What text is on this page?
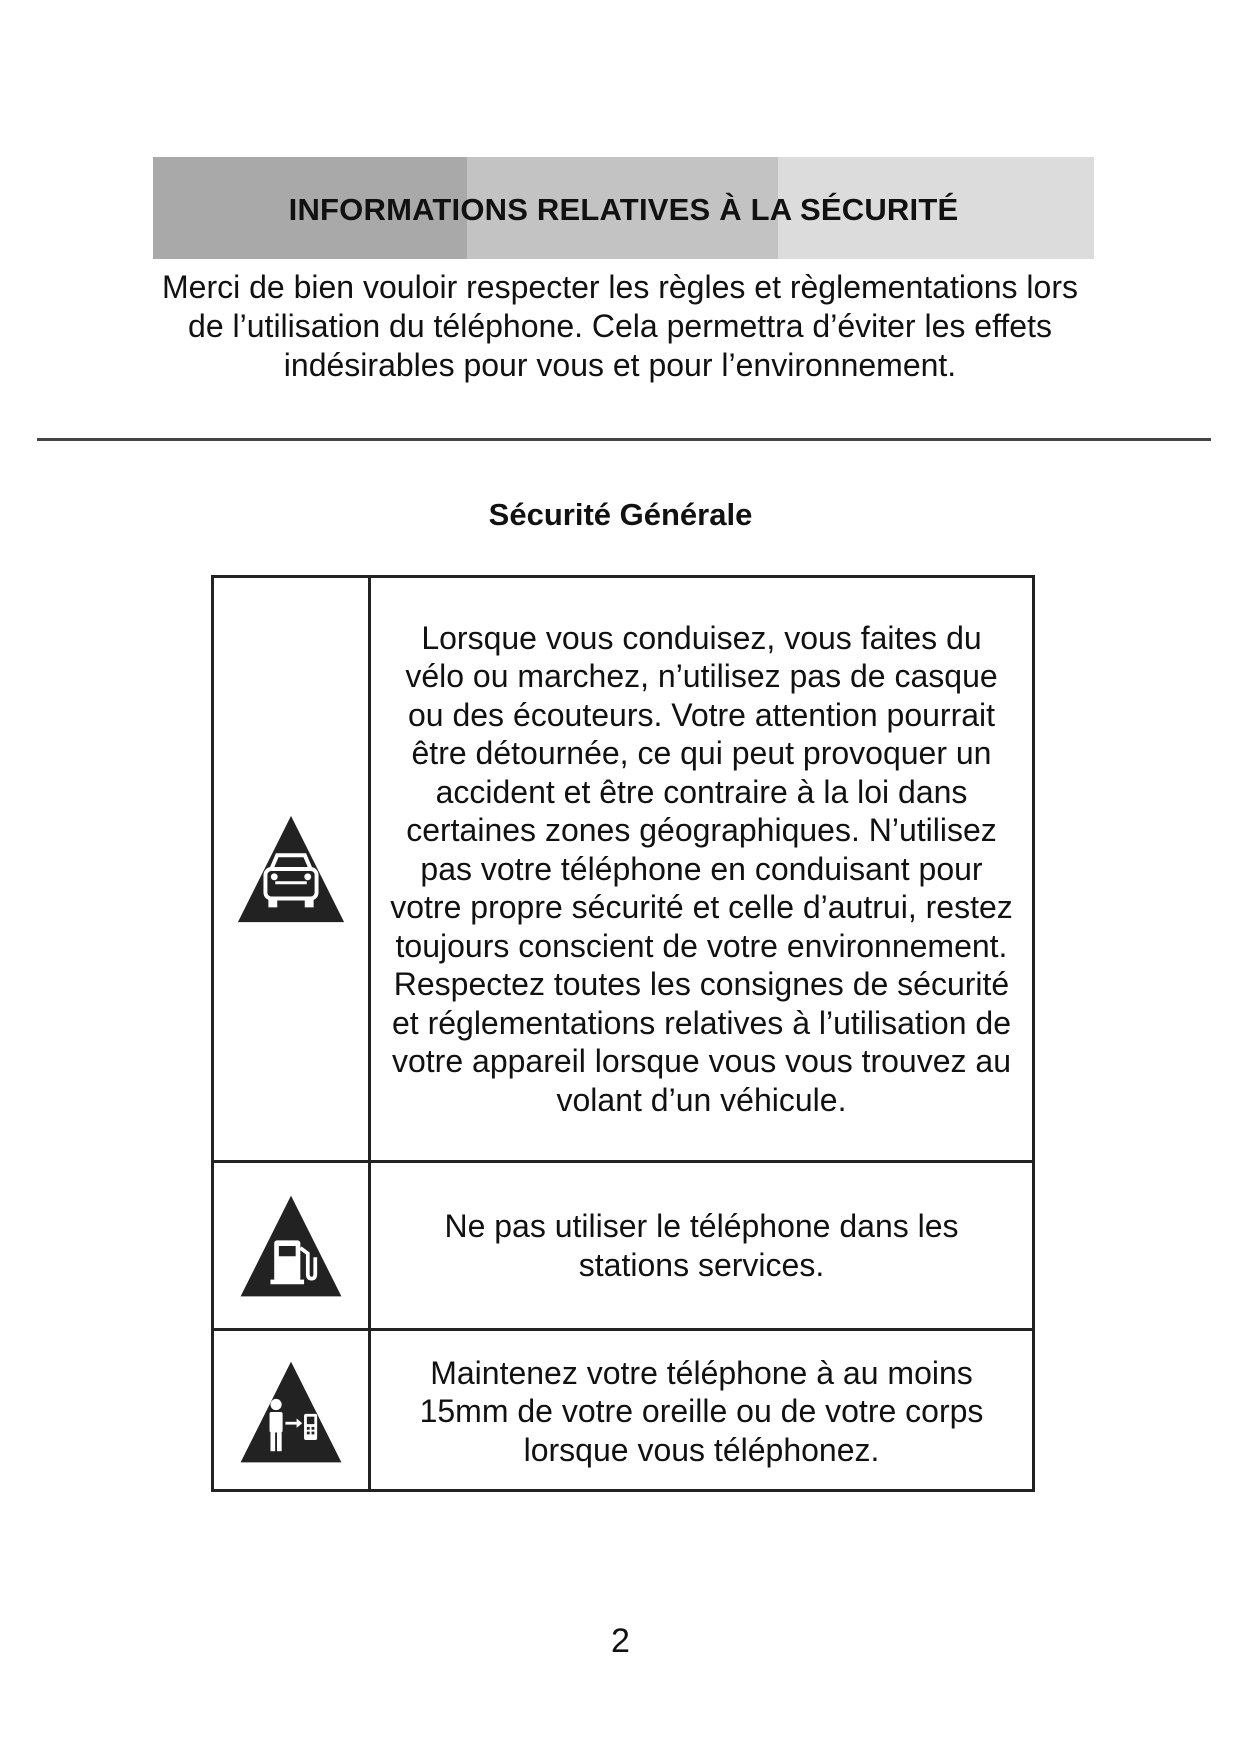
INFORMATIONS RELATIVES À LA SÉCURITÉ
Merci de bien vouloir respecter les règles et règlementations lors
de l’utilisation du téléphone. Cela permettra d’éviter les effets
indésirables pour vous et pour l’environnement.
Sécurité Générale
Lorsque vous conduisez, vous faites du
vélo ou marchez, n’utilisez pas de casque
ou des écouteurs. Votre attention pourrait
être détournée, ce qui peut provoquer un
accident et être contraire à la loi dans
certaines zones géographiques. N’utilisez
pas votre téléphone en conduisant pour
votre propre sécurité et celle d’autrui, restez
toujours conscient de votre environnement.
Respectez toutes les consignes de sécurité
et réglementations relatives à l’utilisation de
votre appareil lorsque vous vous trouvez au
volant d’un véhicule.
Ne pas utiliser le téléphone dans les
stations services.
Maintenez votre téléphone à au moins
15mm de votre oreille ou de votre corps
lorsque vous téléphonez.
2
